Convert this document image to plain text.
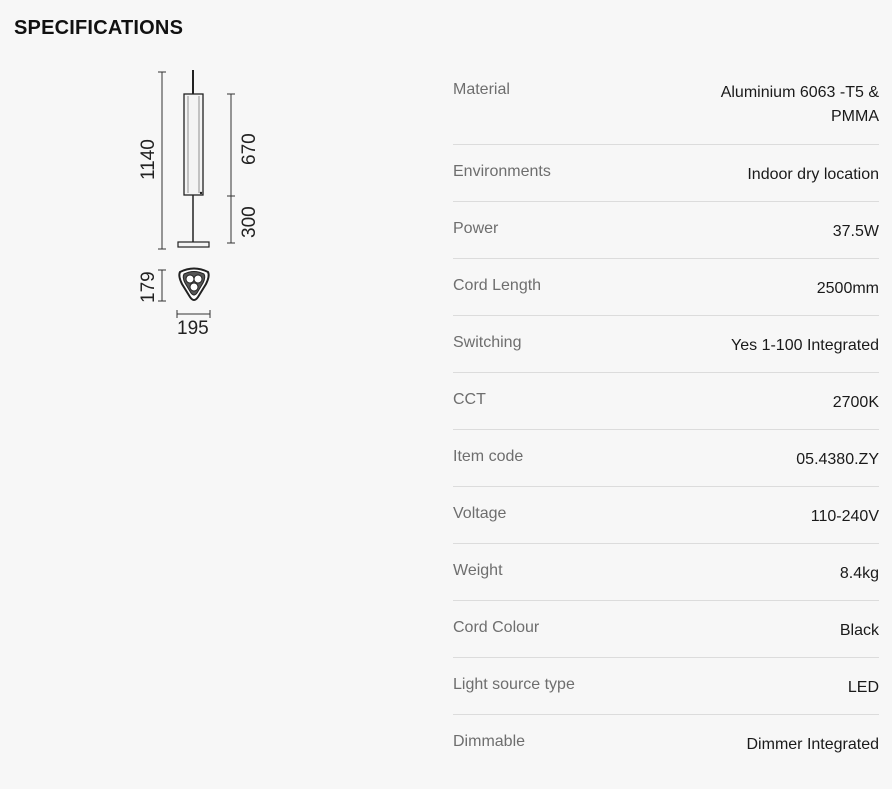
SPECIFICATIONS
1140	670
300
179
195
Material	Aluminium 6063 -T5 &
PMMA
Environments	Indoor dry location
Power	37.5W
Cord Length	2500mm
Switching	Yes 1-100 Integrated
CCT	2700K
Item code	05.4380.ZY
Voltage	110-240V
Weight	8.4kg
Cord Colour	Black
Light source type	LED
Dimmable	Dimmer Integrated
